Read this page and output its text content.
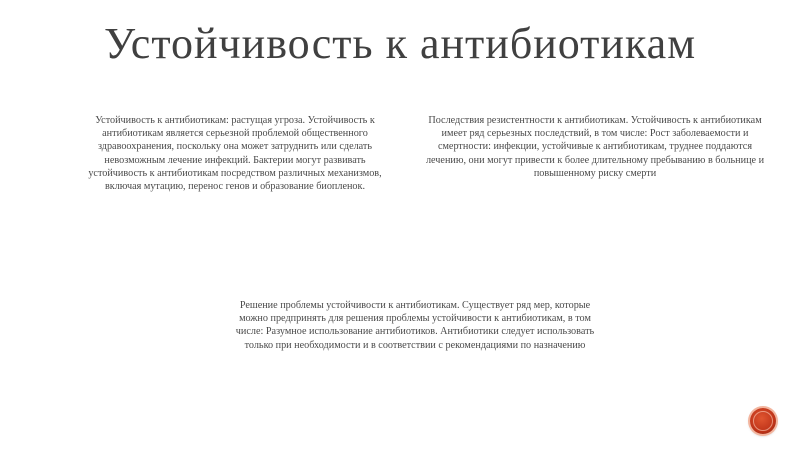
Устойчивость к антибиотикам
Устойчивость к антибиотикам: растущая угроза. Устойчивость к антибиотикам является серьезной проблемой общественного здравоохранения, поскольку она может затруднить или сделать невозможным лечение инфекций. Бактерии могут развивать устойчивость к антибиотикам посредством различных механизмов, включая мутацию, перенос генов и образование биопленок.
Последствия резистентности к антибиотикам. Устойчивость к антибиотикам имеет ряд серьезных последствий, в том числе: Рост заболеваемости и смертности: инфекции, устойчивые к антибиотикам, труднее поддаются лечению, они могут привести к более длительному пребыванию в больнице и повышенному риску смерти
Решение проблемы устойчивости к антибиотикам. Существует ряд мер, которые можно предпринять для решения проблемы устойчивости к антибиотикам, в том числе: Разумное использование антибиотиков. Антибиотики следует использовать только при необходимости и в соответствии с рекомендациями по назначению
